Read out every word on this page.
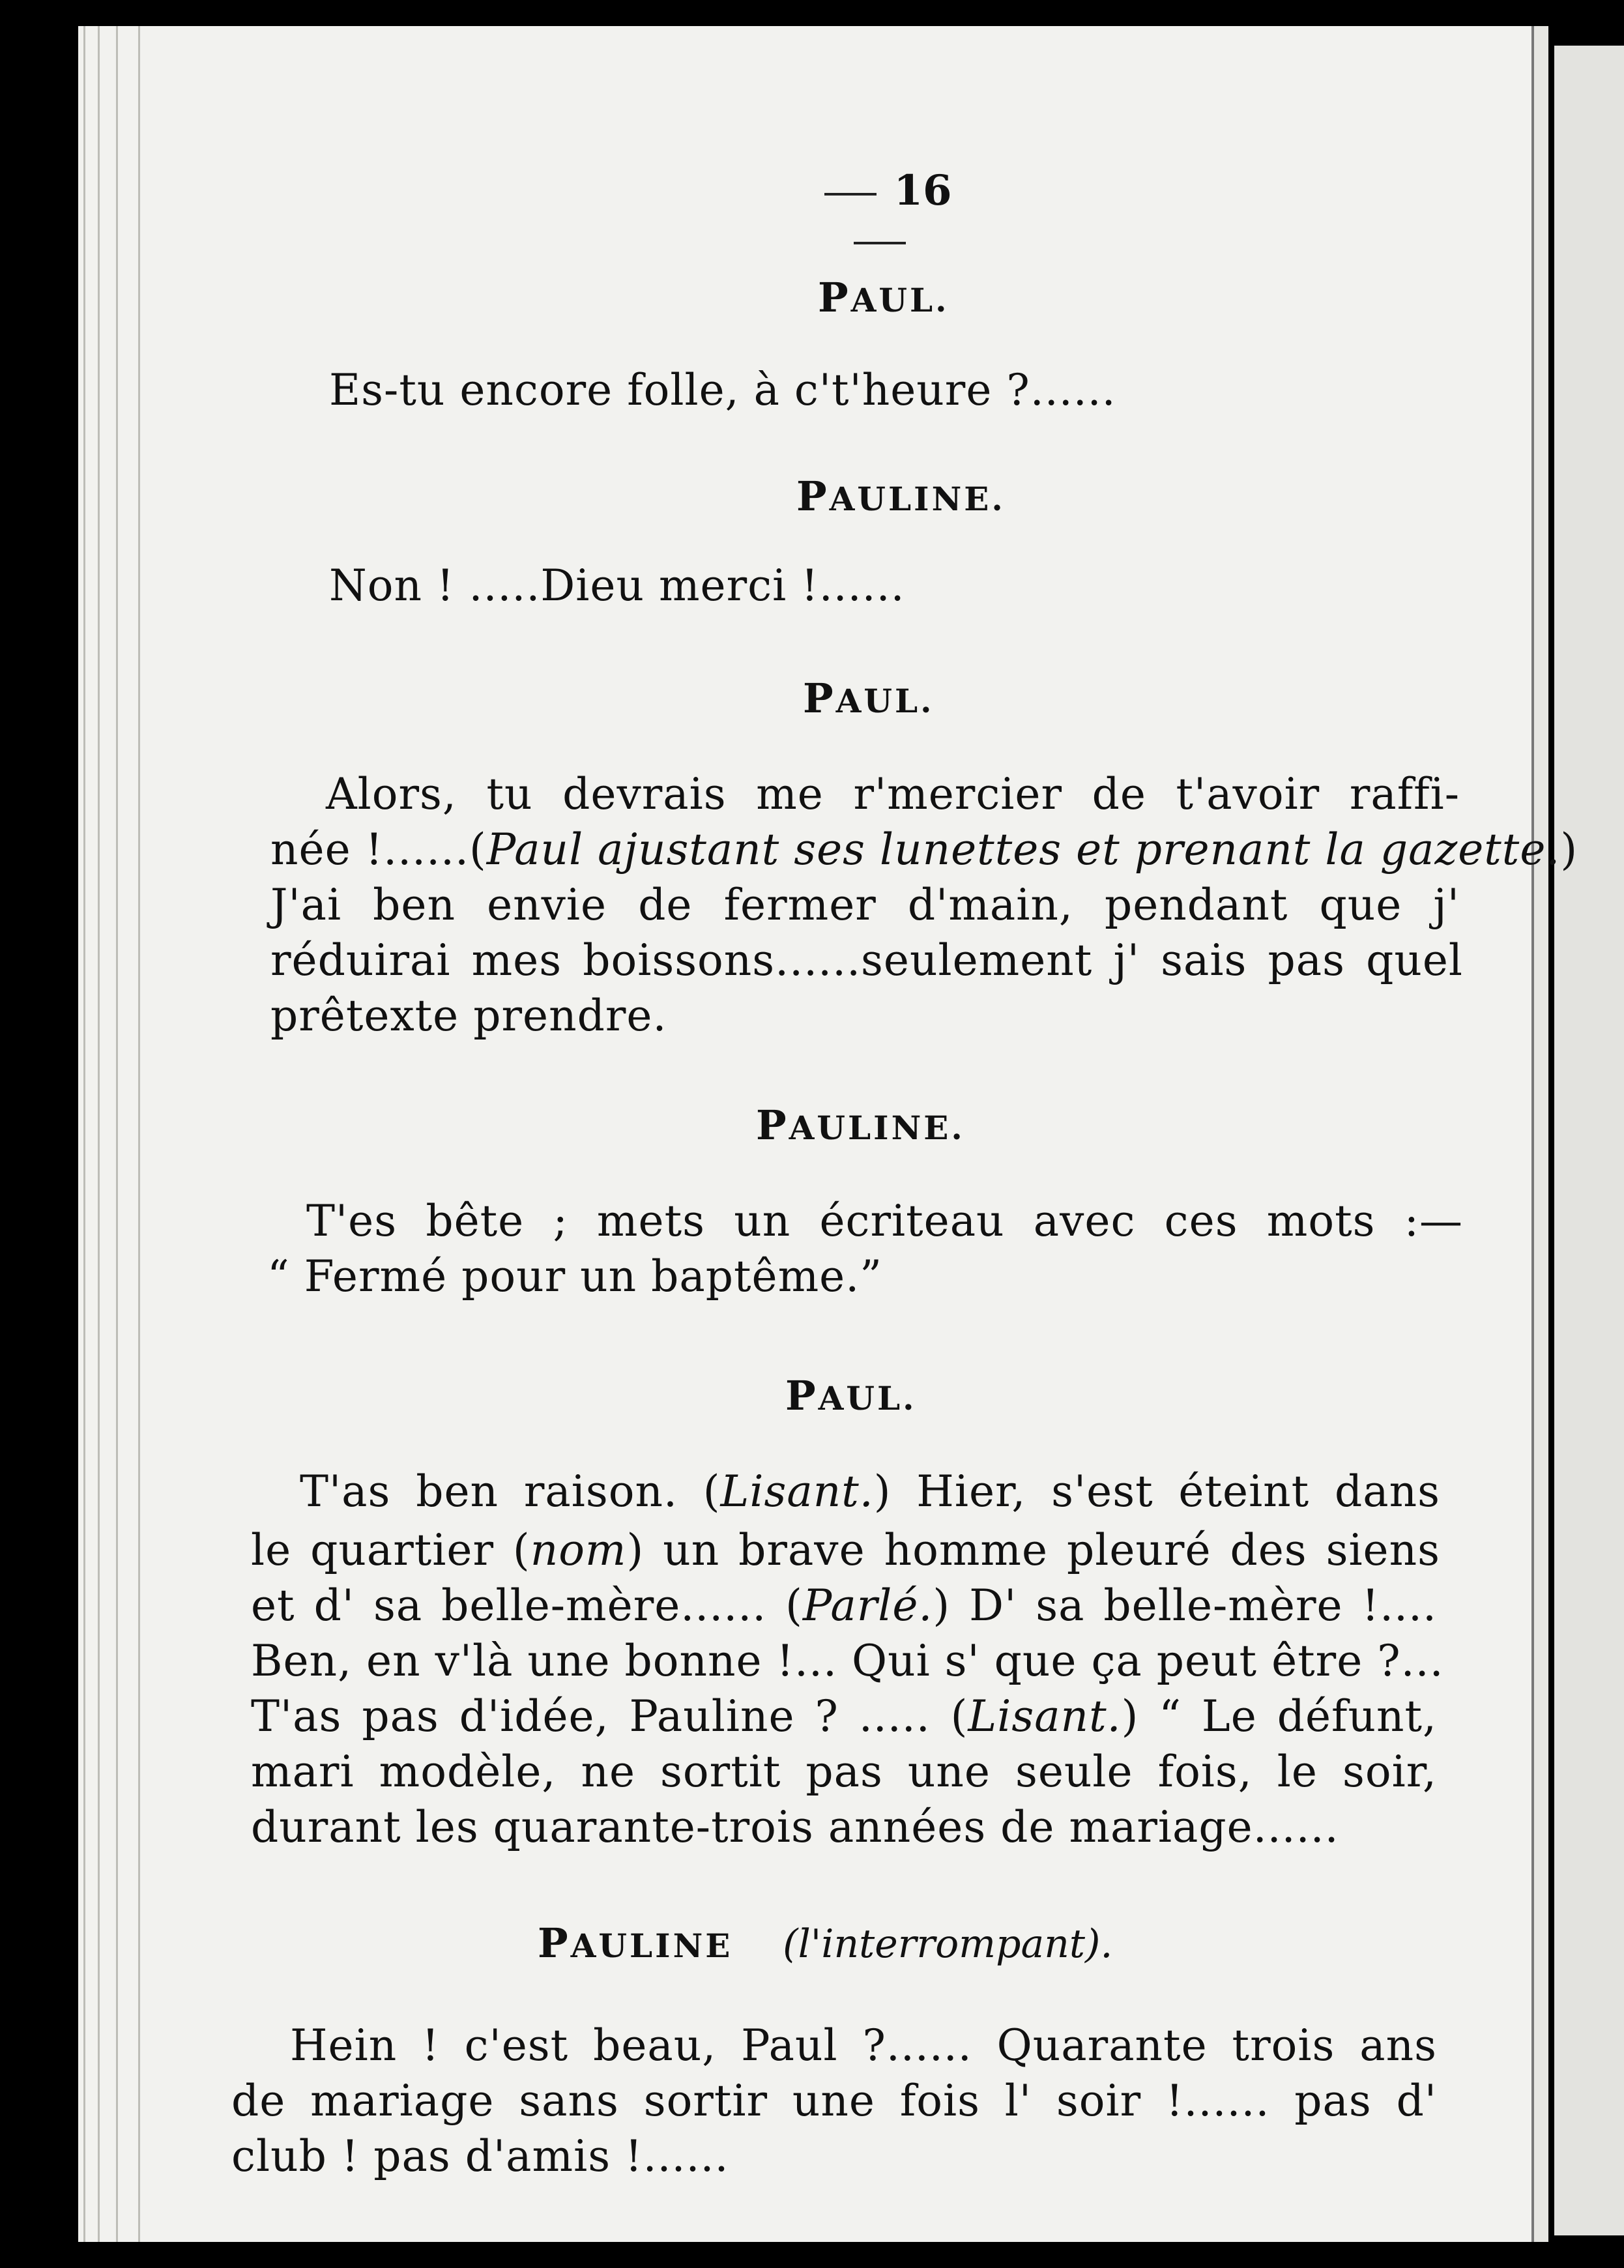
16
PAUL.
Es-tu encore folle, à c't'heure ?......
PAULINE.
Non ! .....Dieu merci !......
PAUL.
Alors, tu devrais me r'mercier de t'avoir raffi-
née !......(Paul ajustant ses lunettes et prenant la gazette.)
J'ai ben envie de fermer d'main, pendant que j'
réduirai mes boissons......seulement j' sais pas quel
prêtexte prendre.
PAULINE.
T'es bête ; mets un écriteau avec ces mots :—
“ Fermé pour un baptême.”
PAUL.
T'as ben raison. (Lisant.) Hier, s'est éteint dans
le quartier (nom) un brave homme pleuré des siens
et d' sa belle-mère...... (Parlé.) D' sa belle-mère !....
Ben, en v'là une bonne !... Qui s' que ça peut être ?...
T'as pas d'idée, Pauline ? ..... (Lisant.) “ Le défunt,
mari modèle, ne sortit pas une seule fois, le soir,
durant les quarante-trois années de mariage......
PAULINE (l'interrompant).
Hein ! c'est beau, Paul ?...... Quarante trois ans
de mariage sans sortir une fois l' soir !...... pas d'
club ! pas d'amis !......
